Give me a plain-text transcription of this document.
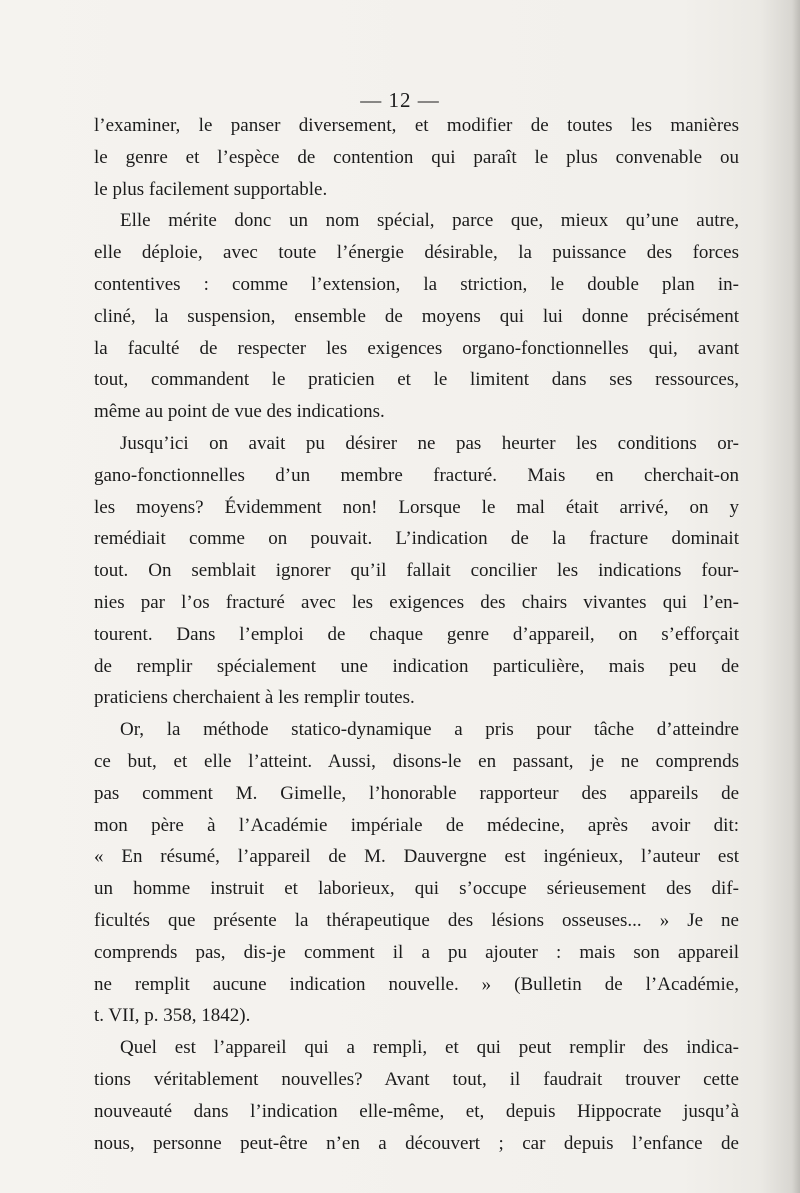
— 12 —
l’examiner, le panser diversement, et modifier de toutes les manières
le genre et l’espèce de contention qui paraît le plus convenable ou
le plus facilement supportable.
Elle mérite donc un nom spécial, parce que, mieux qu’une autre,
elle déploie, avec toute l’énergie désirable, la puissance des forces
contentives : comme l’extension, la striction, le double plan in-
cliné, la suspension, ensemble de moyens qui lui donne précisément
la faculté de respecter les exigences organo-fonctionnelles qui, avant
tout, commandent le praticien et le limitent dans ses ressources,
même au point de vue des indications.
Jusqu’ici on avait pu désirer ne pas heurter les conditions or-
gano-fonctionnelles d’un membre fracturé. Mais en cherchait-on
les moyens? Évidemment non! Lorsque le mal était arrivé, on y
remédiait comme on pouvait. L’indication de la fracture dominait
tout. On semblait ignorer qu’il fallait concilier les indications four-
nies par l’os fracturé avec les exigences des chairs vivantes qui l’en-
tourent. Dans l’emploi de chaque genre d’appareil, on s’efforçait
de remplir spécialement une indication particulière, mais peu de
praticiens cherchaient à les remplir toutes.
Or, la méthode statico-dynamique a pris pour tâche d’atteindre
ce but, et elle l’atteint. Aussi, disons-le en passant, je ne comprends
pas comment M. Gimelle, l’honorable rapporteur des appareils de
mon père à l’Académie impériale de médecine, après avoir dit:
« En résumé, l’appareil de M. Dauvergne est ingénieux, l’auteur est
un homme instruit et laborieux, qui s’occupe sérieusement des dif-
ficultés que présente la thérapeutique des lésions osseuses... » Je ne
comprends pas, dis-je comment il a pu ajouter : mais son appareil
ne remplit aucune indication nouvelle. » (Bulletin de l’Académie,
t. VII, p. 358, 1842).
Quel est l’appareil qui a rempli, et qui peut remplir des indica-
tions véritablement nouvelles? Avant tout, il faudrait trouver cette
nouveauté dans l’indication elle-même, et, depuis Hippocrate jusqu’à
nous, personne peut-être n’en a découvert ; car depuis l’enfance de
